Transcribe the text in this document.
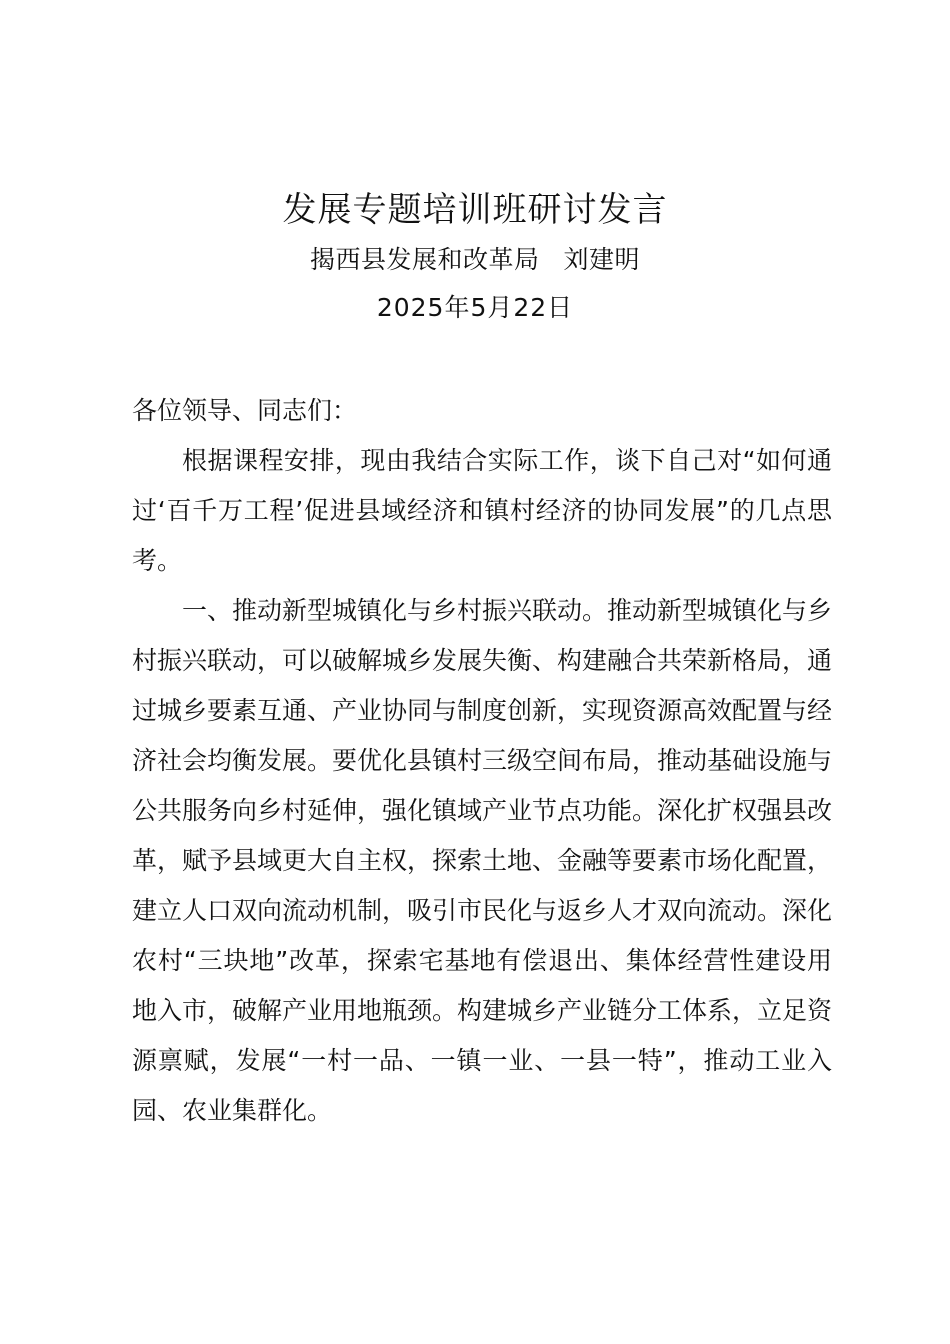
发展专题培训班研讨发言
揭西县发展和改革局 刘建明
2025年5月22日

各位领导、同志们：

根据课程安排，现由我结合实际工作，谈下自己对“如何通过‘百千万工程’促进县域经济和镇村经济的协同发展”的几点思考。

一、推动新型城镇化与乡村振兴联动。推动新型城镇化与乡村振兴联动，可以破解城乡发展失衡、构建融合共荣新格局，通过城乡要素互通、产业协同与制度创新，实现资源高效配置与经济社会均衡发展。要优化县镇村三级空间布局，推动基础设施与公共服务向乡村延伸，强化镇域产业节点功能。深化扩权强县改革，赋予县域更大自主权，探索土地、金融等要素市场化配置，建立人口双向流动机制，吸引市民化与返乡人才双向流动。深化农村“三块地”改革，探索宅基地有偿退出、集体经营性建设用地入市，破解产业用地瓶颈。构建城乡产业链分工体系，立足资源禀赋，发展“一村一品、一镇一业、一县一特”，推动工业入园、农业集群化。
